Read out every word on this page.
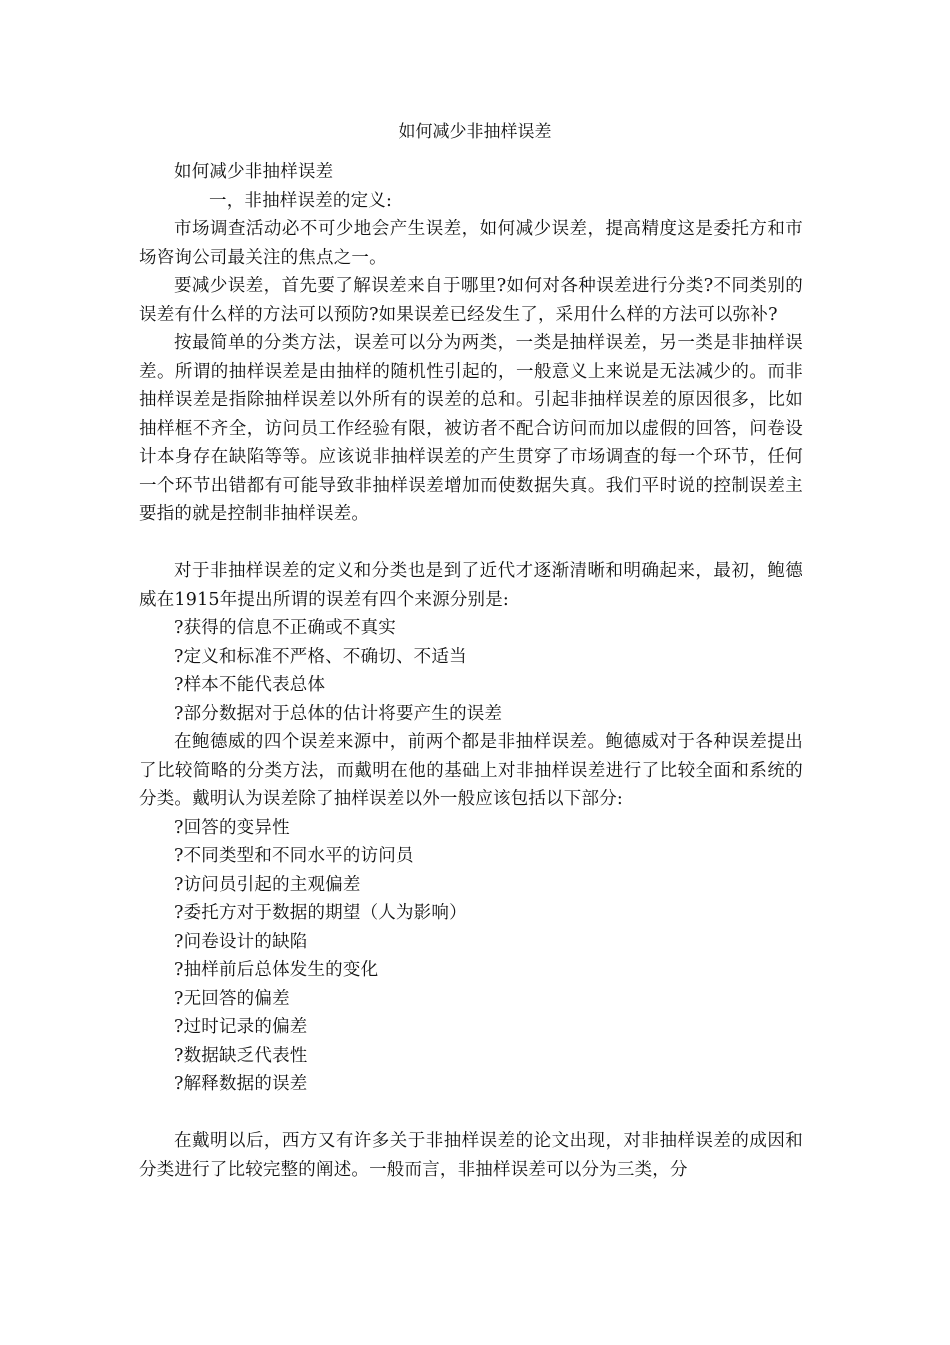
如何减少非抽样误差

如何减少非抽样误差

一，非抽样误差的定义:

市场调查活动必不可少地会产生误差，如何减少误差，提高精度这是委托方和市场咨询公司最关注的焦点之一。

要减少误差，首先要了解误差来自于哪里?如何对各种误差进行分类?不同类别的误差有什么样的方法可以预防?如果误差已经发生了，采用什么样的方法可以弥补?

按最简单的分类方法，误差可以分为两类，一类是抽样误差，另一类是非抽样误差。所谓的抽样误差是由抽样的随机性引起的，一般意义上来说是无法减少的。而非抽样误差是指除抽样误差以外所有的误差的总和。引起非抽样误差的原因很多，比如抽样框不齐全，访问员工作经验有限，被访者不配合访问而加以虚假的回答，问卷设计本身存在缺陷等等。应该说非抽样误差的产生贯穿了市场调查的每一个环节，任何一个环节出错都有可能导致非抽样误差增加而使数据失真。我们平时说的控制误差主要指的就是控制非抽样误差。

对于非抽样误差的定义和分类也是到了近代才逐渐清晰和明确起来，最初，鲍德威在1915年提出所谓的误差有四个来源分别是:

?获得的信息不正确或不真实
?定义和标准不严格、不确切、不适当
?样本不能代表总体
?部分数据对于总体的估计将要产生的误差

在鲍德威的四个误差来源中，前两个都是非抽样误差。鲍德威对于各种误差提出了比较简略的分类方法，而戴明在他的基础上对非抽样误差进行了比较全面和系统的分类。戴明认为误差除了抽样误差以外一般应该包括以下部分:

?回答的变异性
?不同类型和不同水平的访问员
?访问员引起的主观偏差
?委托方对于数据的期望（人为影响）
?问卷设计的缺陷
?抽样前后总体发生的变化
?无回答的偏差
?过时记录的偏差
?数据缺乏代表性
?解释数据的误差

在戴明以后，西方又有许多关于非抽样误差的论文出现，对非抽样误差的成因和分类进行了比较完整的阐述。一般而言，非抽样误差可以分为三类，分
